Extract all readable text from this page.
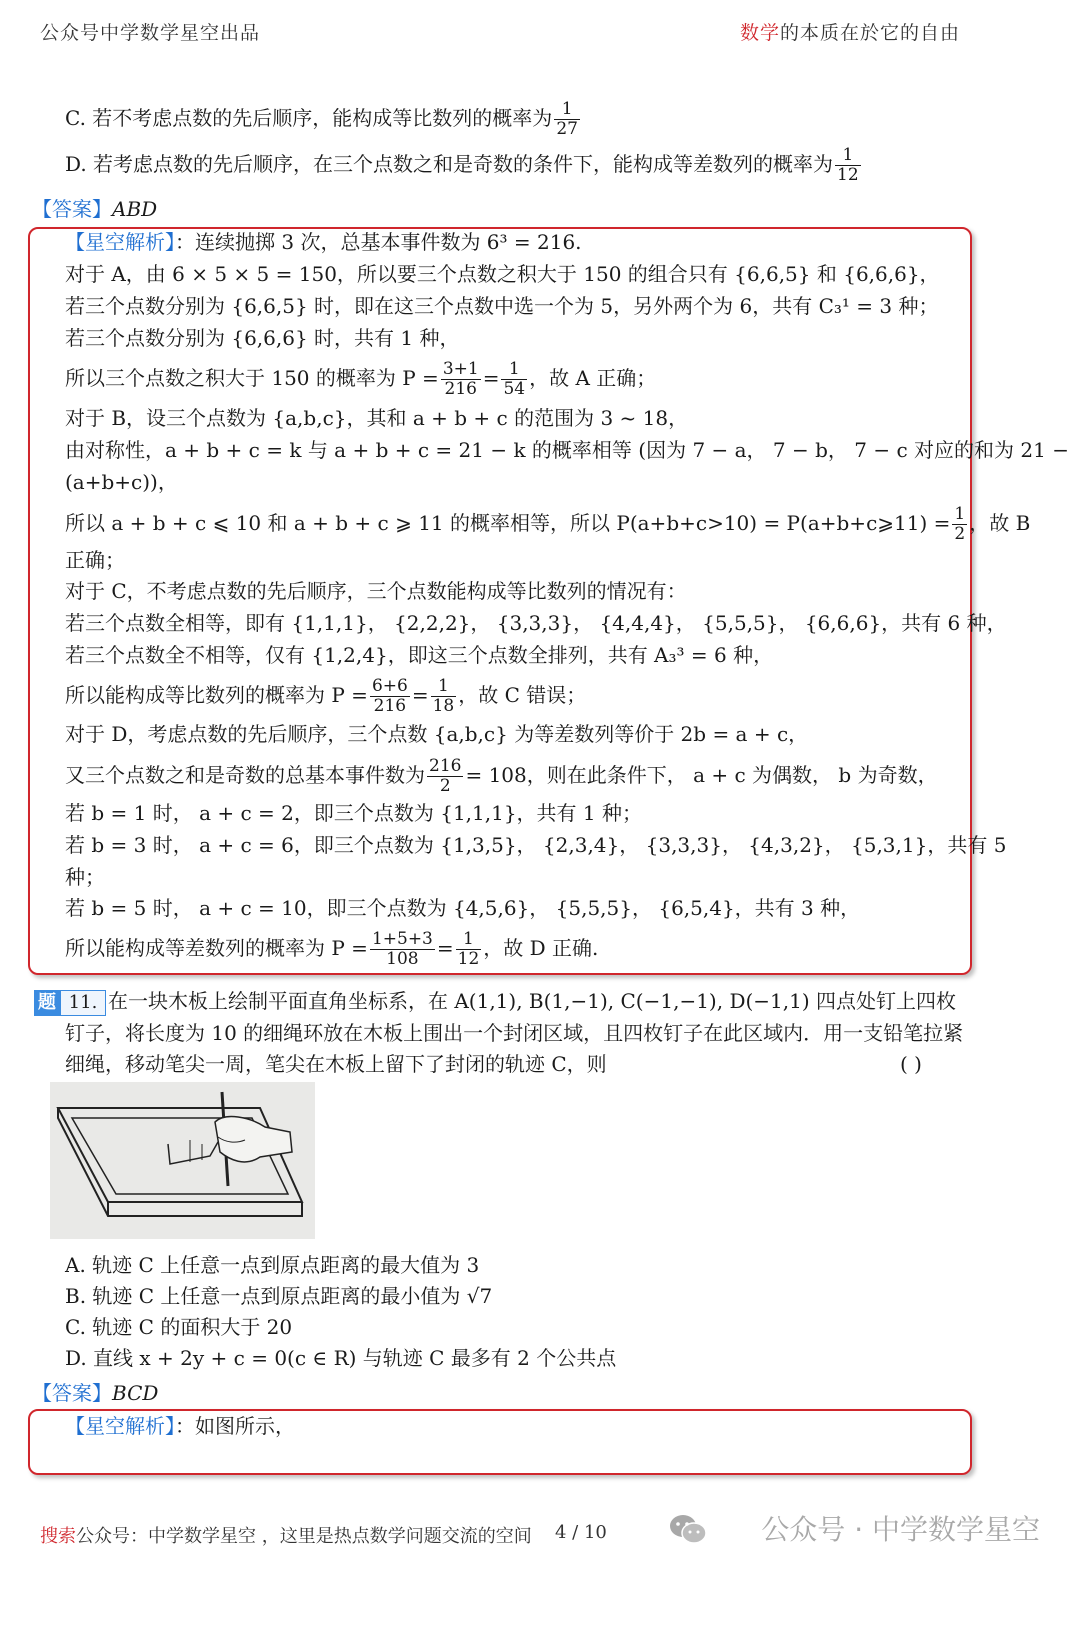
公众号中学数学星空出品	数学的本质在於它的自由
C. 若不考虑点数的先后顺序，能构成等比数列的概率为 $\frac{1}{27}$
D. 若考虑点数的先后顺序，在三个点数之和是奇数的条件下，能构成等差数列的概率为 $\frac{1}{12}$
【答案】ABD
【星空解析】：连续抛掷 3 次，总基本事件数为 6³ = 216.
对于 A，由 6 × 5 × 5 = 150，所以要三个点数之积大于 150 的组合只有 {6,6,5} 和 {6,6,6}，
若三个点数分别为 {6,6,5} 时，即在这三个点数中选一个为 5，另外两个为 6，共有 C₃¹ = 3 种；
若三个点数分别为 {6,6,6} 时，共有 1 种，
所以三个点数之积大于 150 的概率为 $P = \frac{3+1}{216} = \frac{1}{54}$ ，故 A 正确；
对于 B，设三个点数为 {a,b,c}，其和 a + b + c 的范围为 3 ~ 18，
由对称性，a + b + c = k 与 a + b + c = 21 − k 的概率相等 (因为 7 − a， 7 − b， 7 − c 对应的和为 21 −
(a+b+c))，
所以 a + b + c ⩽ 10 和 a + b + c ⩾ 11 的概率相等，所以 P(a+b+c>10) = P(a+b+c⩾11) = $\frac{1}{2}$ ，故 B
正确；
对于 C，不考虑点数的先后顺序，三个点数能构成等比数列的情况有：
若三个点数全相等，即有 {1,1,1}， {2,2,2}， {3,3,3}， {4,4,4}， {5,5,5}， {6,6,6}，共有 6 种，
若三个点数全不相等，仅有 {1,2,4}，即这三个点数全排列，共有 A₃³ = 6 种，
所以能构成等比数列的概率为 $P = \frac{6+6}{216} = \frac{1}{18}$ ，故 C 错误；
对于 D，考虑点数的先后顺序，三个点数 {a,b,c} 为等差数列等价于 2b = a + c，
又三个点数之和是奇数的总基本事件数为 $\frac{216}{2} = 108$，则在此条件下， a + c 为偶数， b 为奇数，
若 b = 1 时， a + c = 2，即三个点数为 {1,1,1}，共有 1 种；
若 b = 3 时， a + c = 6，即三个点数为 {1,3,5}， {2,3,4}， {3,3,3}， {4,3,2}， {5,3,1}，共有 5
种；
若 b = 5 时， a + c = 10，即三个点数为 {4,5,6}， {5,5,5}， {6,5,4}，共有 3 种，
所以能构成等差数列的概率为 $P = \frac{1+5+3}{108} = \frac{1}{12}$ ，故 D 正确.
题 11. 在一块木板上绘制平面直角坐标系，在 A(1,1), B(1,−1), C(−1,−1), D(−1,1) 四点处钉上四枚
钉子，将长度为 10 的细绳环放在木板上围出一个封闭区域，且四枚钉子在此区域内．用一支铅笔拉紧
细绳，移动笔尖一周，笔尖在木板上留下了封闭的轨迹 C，则	( )
A. 轨迹 C 上任意一点到原点距离的最大值为 3
B. 轨迹 C 上任意一点到原点距离的最小值为 √7
C. 轨迹 C 的面积大于 20
D. 直线 x + 2y + c = 0(c ∈ R) 与轨迹 C 最多有 2 个公共点
【答案】BCD
【星空解析】：如图所示，
搜索公众号：中学数学星空 ，这里是热点数学问题交流的空间 4 / 10	公众号 · 中学数学星空
